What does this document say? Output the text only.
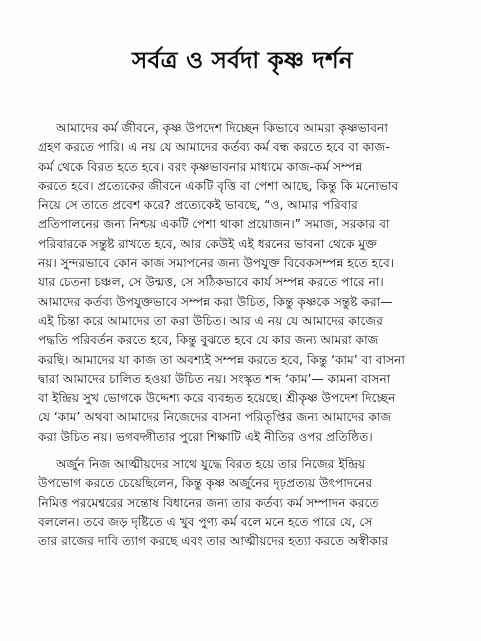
সর্বত্র ও সর্বদা কৃষ্ণ দর্শন
আমাদের কর্ম জীবনে, কৃষ্ণ উপদেশ দিচ্ছেন কিভাবে আমরা কৃষ্ণভাবনা
গ্রহণ করতে পারি। এ নয় যে আমাদের কর্তব্য কর্ম বন্ধ করতে হবে বা কাজ-
কর্ম থেকে বিরত হতে হবে। বরং কৃষ্ণভাবনার মাধ্যমে কাজ-কর্ম সম্পন্ন
করতে হবে। প্রত্যেকের জীবনে একটি বৃত্তি বা পেশা আছে, কিন্তু কি মনোভাব
নিয়ে সে তাতে প্রবেশ করে? প্রত্যেকেই ভাবছে, “ও, আমার পরিবার
প্রতিপালনের জন্য নিশ্চয় একটি পেশা থাকা প্রয়োজন।” সমাজ, সরকার বা
পরিবারকে সন্তুষ্ট রাখতে হবে, আর কেউই এই ধরনের ভাবনা থেকে মুক্ত
নয়। সুন্দরভাবে কোন কাজ সমাপনের জন্য উপযুক্ত বিবেকসম্পন্ন হতে হবে।
যার চেতনা চঞ্চল, সে উন্মত্ত, সে সঠিকভাবে কার্য সম্পন্ন করতে পারে না।
আমাদের কর্তব্য উপযুক্তভাবে সম্পন্ন করা উচিত, কিন্তু কৃষ্ণকে সন্তুষ্ট করা—
এই চিন্তা করে আমাদের তা করা উচিত। আর এ নয় যে আমাদের কাজের
পদ্ধতি পরিবর্তন করতে হবে, কিন্তু বুঝতে হবে যে কার জন্য আমরা কাজ
করছি। আমাদের যা কাজ তা অবশ্যই সম্পন্ন করতে হবে, কিন্তু ‘কাম’ বা বাসনা
দ্বারা আমাদের চালিত হওয়া উচিত নয়। সংস্কৃত শব্দ ‘কাম’— কামনা বাসনা
বা ইন্দ্রিয় সুখ ভোগকে উদ্দেশ্য করে ব্যবহৃত হয়েছে। শ্রীকৃষ্ণ উপদেশ দিচ্ছেন
যে ‘কাম’ অথবা আমাদের নিজেদের বাসনা পরিতৃপ্তির জন্য আমাদের কাজ
করা উচিত নয়। ভগবদ্গীতার পুরো শিক্ষাটি এই নীতির ওপর প্রতিষ্ঠিত।
অর্জুন নিজ আত্মীয়দের সাথে যুদ্ধে বিরত হয়ে তার নিজের ইন্দ্রিয়
উপভোগ করতে চেয়েছিলেন, কিন্তু কৃষ্ণ অর্জুনের দৃঢ়প্রত্যয় উৎপাদনের
নিমিত্ত পরমেশ্বরের সন্তোষ বিধানের জন্য তার কর্তব্য কর্ম সম্পাদন করতে
বললেন। তবে জড় দৃষ্টিতে এ খুব পুণ্য কর্ম বলে মনে হতে পারে যে, সে
তার রাজের দাবি ত্যাগ করছে এবং তার আত্মীয়দের হত্যা করতে অস্বীকার
